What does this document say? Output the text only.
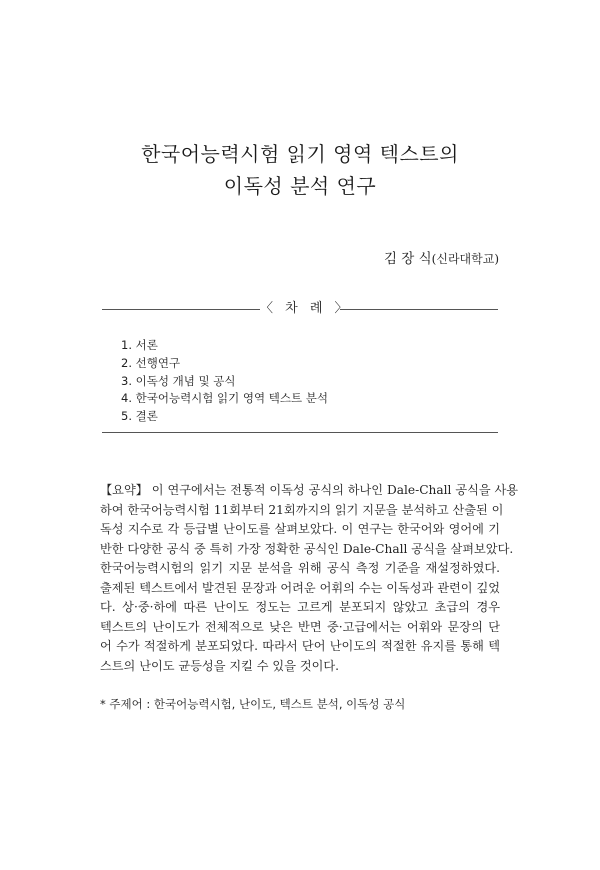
한국어능력시험 읽기 영역 텍스트의
이독성 분석 연구
김 장 식(신라대학교)
〈 차 례 〉
1. 서론
2. 선행연구
3. 이독성 개념 및 공식
4. 한국어능력시험 읽기 영역 텍스트 분석
5. 결론
【요약】 이 연구에서는 전통적 이독성 공식의 하나인 Dale-Chall 공식을 사용
하여 한국어능력시험 11회부터 21회까지의 읽기 지문을 분석하고 산출된 이
독성 지수로 각 등급별 난이도를 살펴보았다. 이 연구는 한국어와 영어에 기
반한 다양한 공식 중 특히 가장 정확한 공식인 Dale-Chall 공식을 살펴보았다.
한국어능력시험의 읽기 지문 분석을 위해 공식 측정 기준을 재설정하였다.
출제된 텍스트에서 발견된 문장과 어려운 어휘의 수는 이독성과 관련이 깊었
다. 상·중·하에 따른 난이도 정도는 고르게 분포되지 않았고 초급의 경우
텍스트의 난이도가 전체적으로 낮은 반면 중·고급에서는 어휘와 문장의 단
어 수가 적절하게 분포되었다. 따라서 단어 난이도의 적절한 유지를 통해 텍
스트의 난이도 균등성을 지킬 수 있을 것이다.
* 주제어 : 한국어능력시험, 난이도, 텍스트 분석, 이독성 공식
